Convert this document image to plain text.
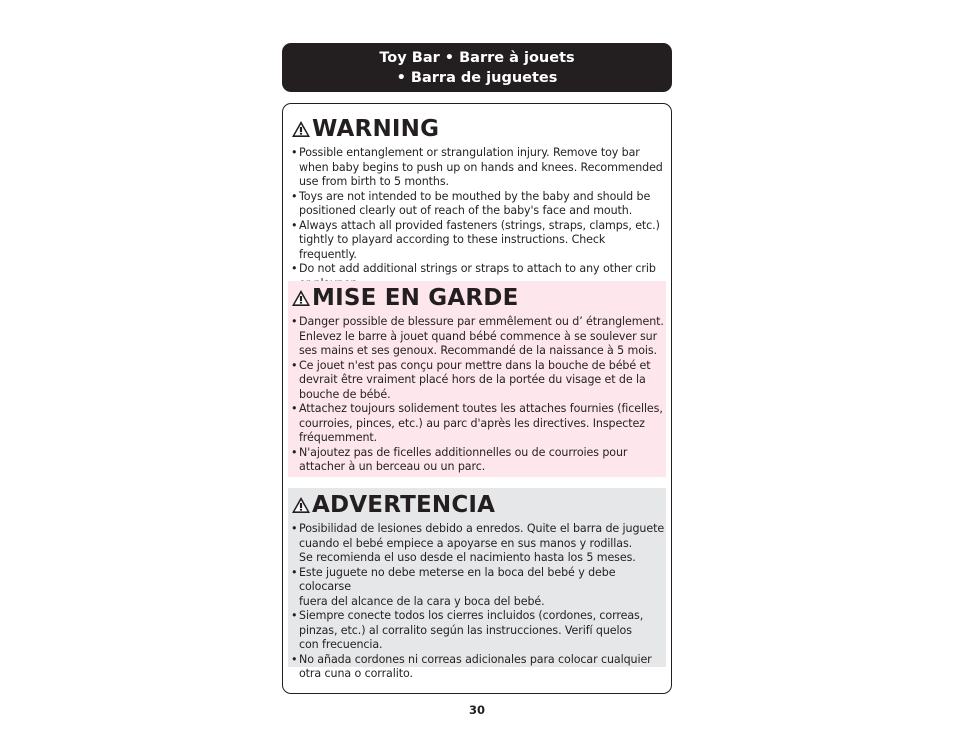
Toy Bar • Barre à jouets
• Barra de juguetes
WARNING
• Possible entanglement or strangulation injury. Remove toy bar
when baby begins to push up on hands and knees. Recommended
use from birth to 5 months.
• Toys are not intended to be mouthed by the baby and should be
positioned clearly out of reach of the baby's face and mouth.
• Always attach all provided fasteners (strings, straps, clamps, etc.)
tightly to playard according to these instructions. Check frequently.
• Do not add additional strings or straps to attach to any other crib

MISE EN GARDE
• Danger possible de blessure par emmêlement ou d’ étranglement.
Enlevez le barre à jouet quand bébé commence à se soulever sur
ses mains et ses genoux. Recommandé de la naissance à 5 mois.
• Ce jouet n'est pas conçu pour mettre dans la bouche de bébé et
devrait être vraiment placé hors de la portée du visage et de la
bouche de bébé.
• Attachez toujours solidement toutes les attaches fournies (ficelles,
courroies, pinces, etc.) au parc d'après les directives. Inspectez
fréquemment.
• N'ajoutez pas de ficelles additionnelles ou de courroies pour
attacher à un berceau ou un parc.
ADVERTENCIA
• Posibilidad de lesiones debido a enredos. Quite el barra de juguete
cuando el bebé empiece a apoyarse en sus manos y rodillas.
Se recomienda el uso desde el nacimiento hasta los 5 meses.
• Este juguete no debe meterse en la boca del bebé y debe colocarse
fuera del alcance de la cara y boca del bebé.
• Siempre conecte todos los cierres incluidos (cordones, correas,
pinzas, etc.) al corralito según las instrucciones. Verifí quelos
con frecuencia.
• No añada cordones ni correas adicionales para colocar cualquier
otra cuna o corralito.
30
